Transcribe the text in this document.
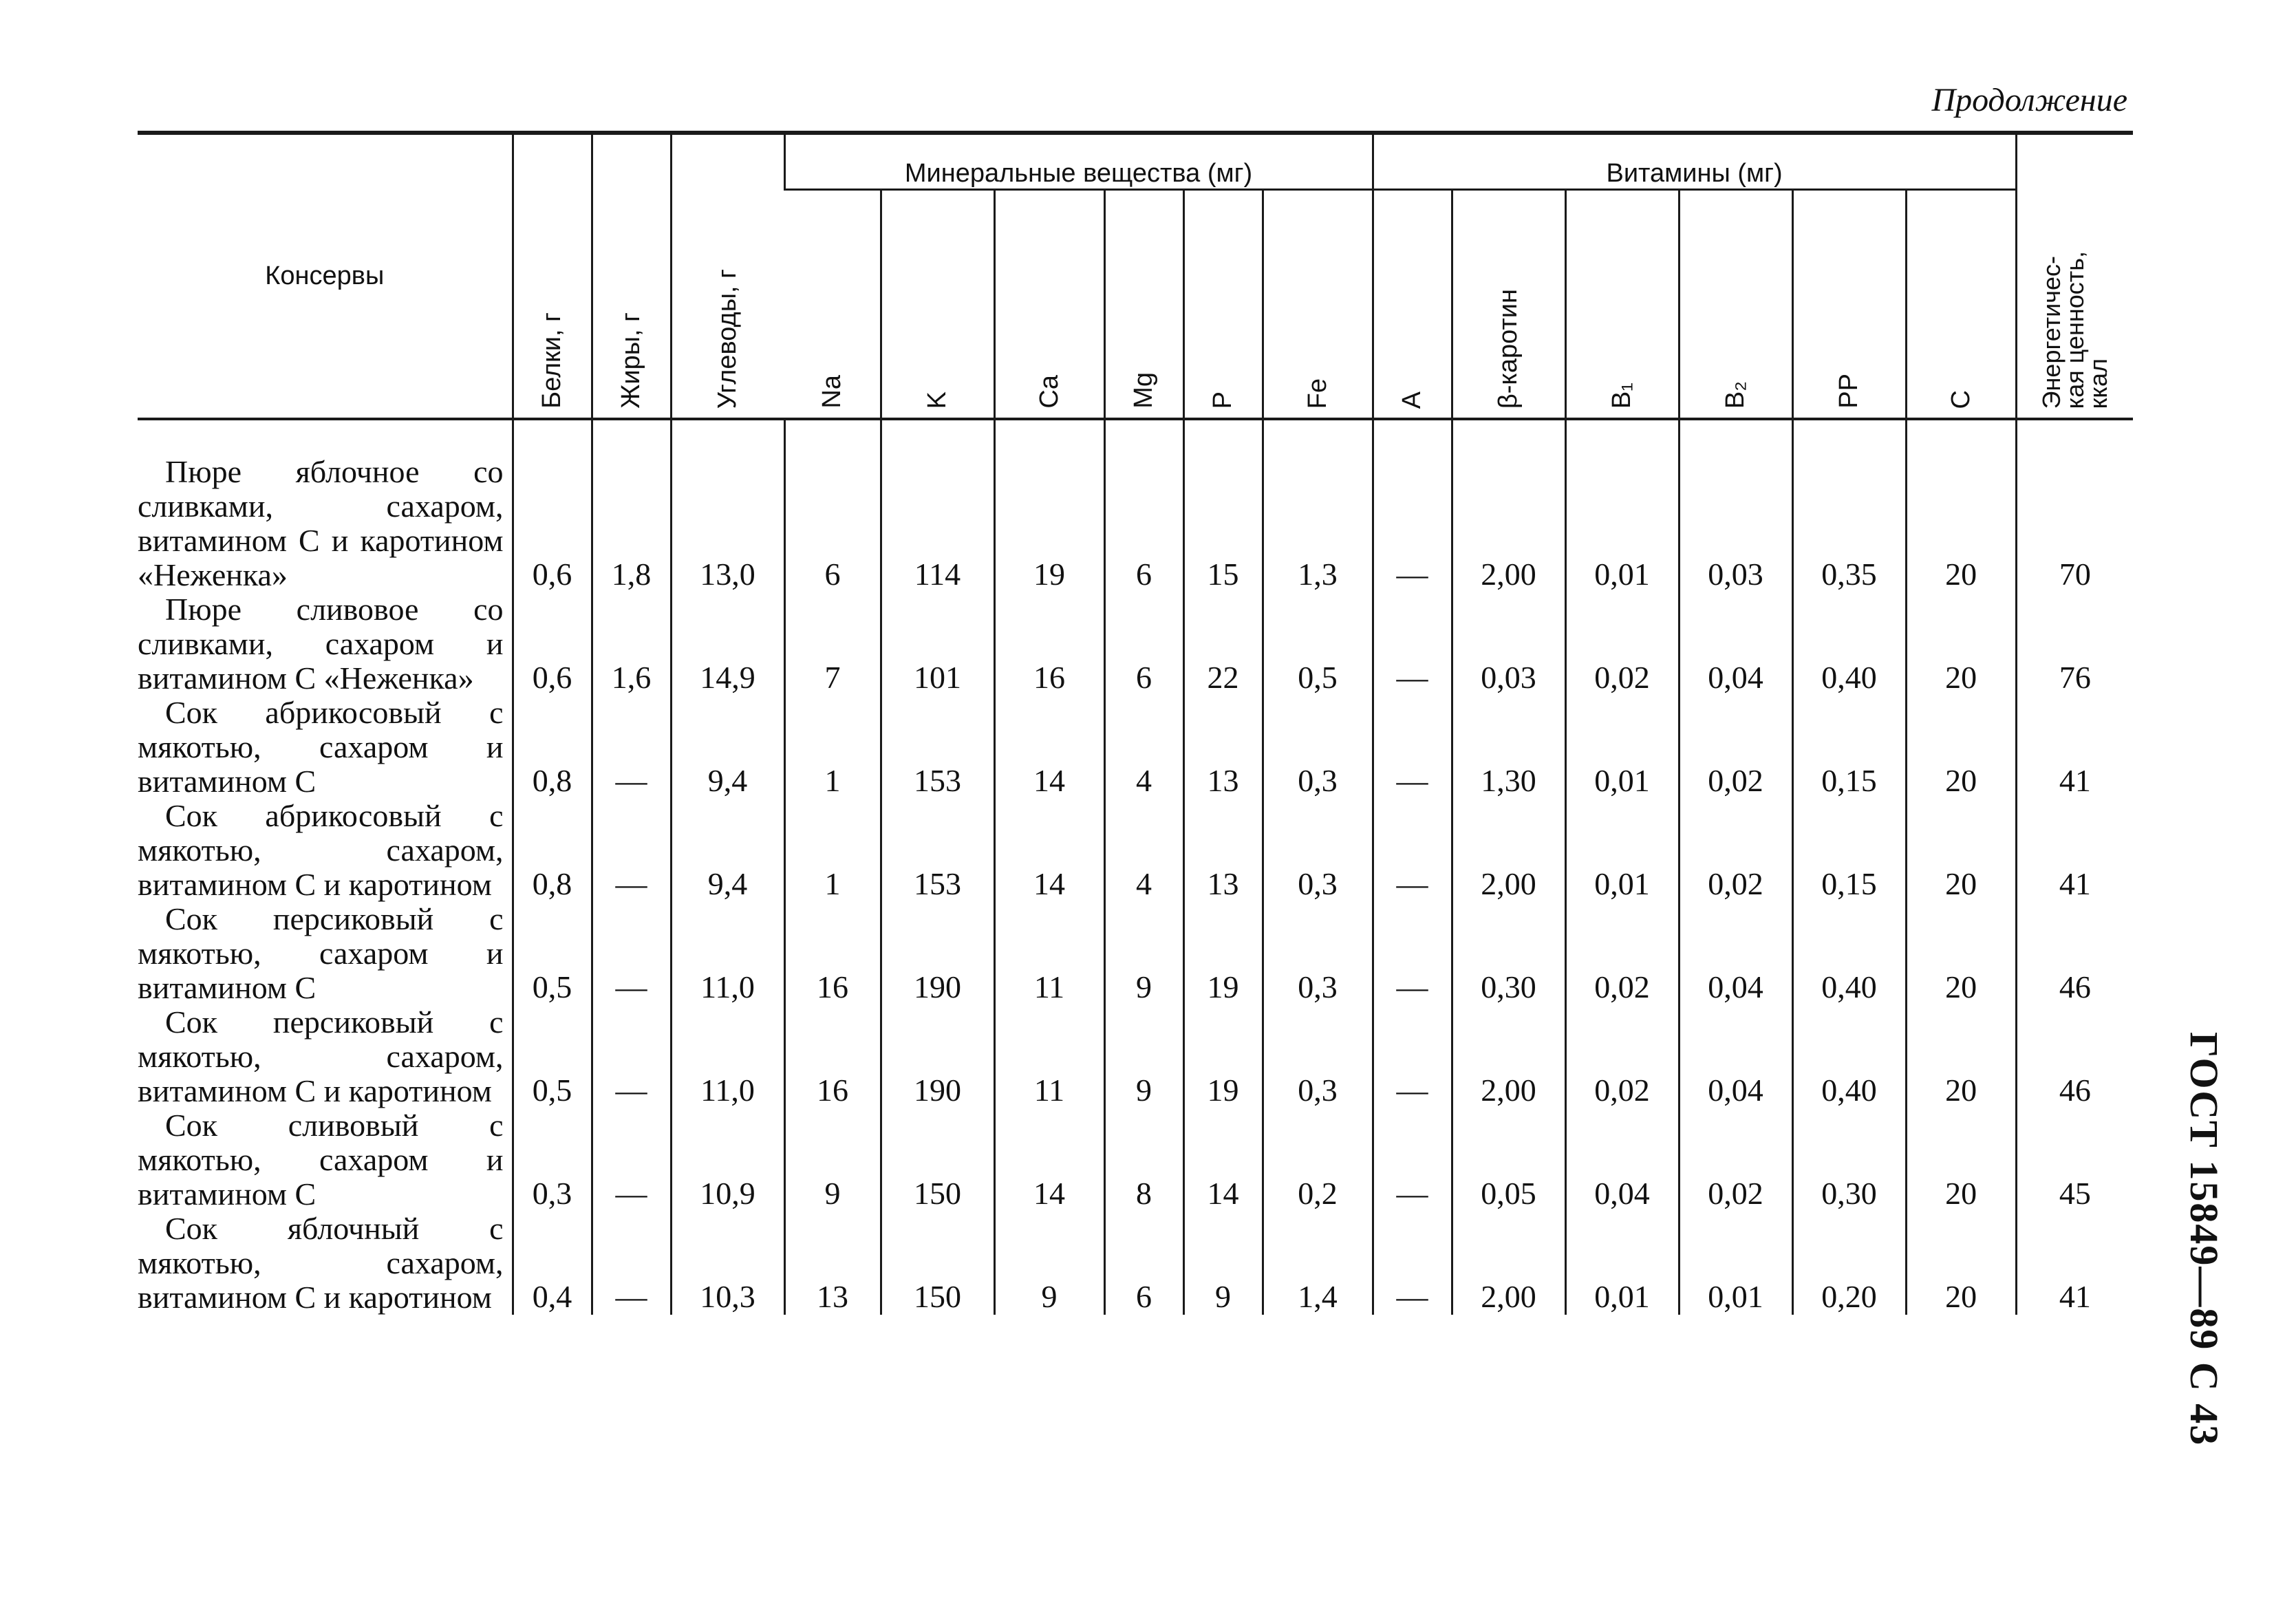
Продолжение
Консервы	Белки, г	Жиры, г	Углеводы, г	Минеральные вещества (мг)						Витамины (мг)						Энергетичес-
кая ценность,
ккал
				Na	K	Ca	Mg	P	Fe	A	β-каротин	B₁	B₂	PP	C	
Пюре яблочное со сливками, сахаром, витамином С и каротином «Неженка»	0,6	1,8	13,0	6	114	19	6	15	1,3	—	2,00	0,01	0,03	0,35	20	70
Пюре сливовое со сливками, сахаром и витамином С «Неженка»	0,6	1,6	14,9	7	101	16	6	22	0,5	—	0,03	0,02	0,04	0,40	20	76
Сок абрикосовый с мякотью, сахаром и витамином С	0,8	—	9,4	1	153	14	4	13	0,3	—	1,30	0,01	0,02	0,15	20	41
Сок абрикосовый с мякотью, сахаром, витамином С и каротином	0,8	—	9,4	1	153	14	4	13	0,3	—	2,00	0,01	0,02	0,15	20	41
Сок персиковый с мякотью, сахаром и витамином С	0,5	—	11,0	16	190	11	9	19	0,3	—	0,30	0,02	0,04	0,40	20	46
Сок персиковый с мякотью, сахаром, витамином С и каротином	0,5	—	11,0	16	190	11	9	19	0,3	—	2,00	0,02	0,04	0,40	20	46
Сок сливовый с мякотью, сахаром и витамином С	0,3	—	10,9	9	150	14	8	14	0,2	—	0,05	0,04	0,02	0,30	20	45
Сок яблочный с мякотью, сахаром, витамином С и каротином	0,4	—	10,3	13	150	9	6	9	1,4	—	2,00	0,01	0,01	0,20	20	41 ГОСТ 15849—89 С 43
